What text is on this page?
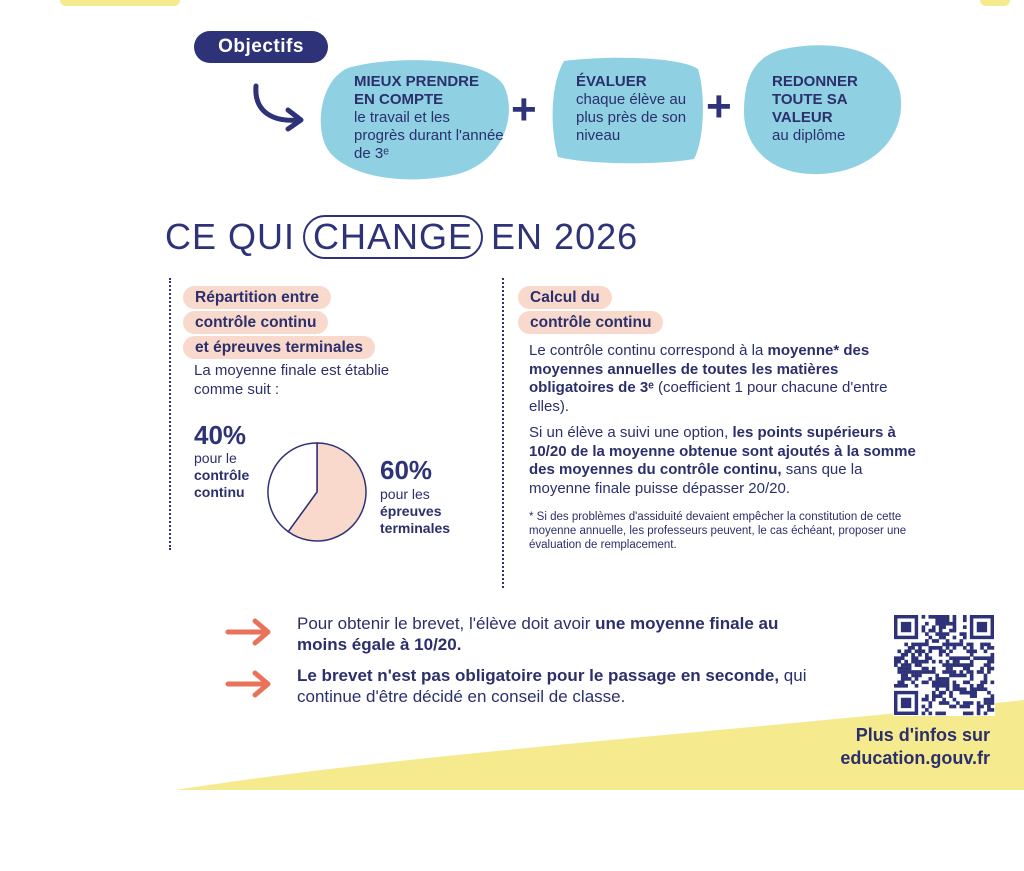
Objectifs
MIEUX PRENDRE EN COMPTE
le travail et les progrès durant l'année de 3ᵉ
+
ÉVALUER
chaque élève au plus près de son niveau
+
REDONNER TOUTE SA VALEUR
au diplôme
CE QUI CHANGE EN 2026
Répartition entre
contrôle continu
et épreuves terminales
La moyenne finale est établie comme suit :
40%
pour le
contrôle
continu
60%
pour les
épreuves
terminales
Calcul du
contrôle continu
Le contrôle continu correspond à la moyenne* des moyennes annuelles de toutes les matières obligatoires de 3ᵉ (coefficient 1 pour chacune d'entre elles).
Si un élève a suivi une option, les points supérieurs à 10/20 de la moyenne obtenue sont ajoutés à la somme des moyennes du contrôle continu, sans que la moyenne finale puisse dépasser 20/20.
* Si des problèmes d'assiduité devaient empêcher la constitution de cette moyenne annuelle, les professeurs peuvent, le cas échéant, proposer une évaluation de remplacement.
Pour obtenir le brevet, l'élève doit avoir une moyenne finale au moins égale à 10/20.
Le brevet n'est pas obligatoire pour le passage en seconde, qui continue d'être décidé en conseil de classe.
Plus d'infos sur
education.gouv.fr
